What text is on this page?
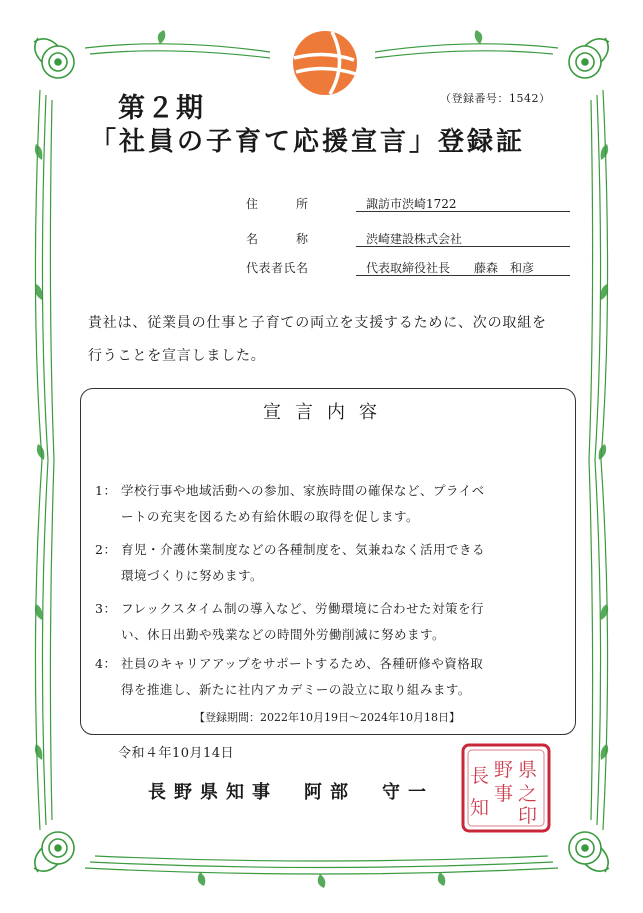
第２期	（登録番号：1542）
「社員の子育て応援宣言」登録証
住　　　所	諏訪市渋崎1722
名　　　称	渋崎建設株式会社
代表者氏名	代表取締役社長 藤森　和彦
貴社は、従業員の仕事と子育ての両立を支援するために、次の取組を
行うことを宣言しました。
宣言内容
1： 学校行事や地域活動への参加、家族時間の確保など、プライベ
ートの充実を図るため有給休暇の取得を促します。
2： 育児・介護休業制度などの各種制度を、気兼ねなく活用できる
環境づくりに努めます。
3： フレックスタイム制の導入など、労働環境に合わせた対策を行
い、休日出勤や残業などの時間外労働削減に努めます。
4： 社員のキャリアアップをサポートするため、各種研修や資格取
得を推進し、新たに社内アカデミーの設立に取り組みます。
【登録期間：2022年10月19日〜2024年10月18日】
令和４年10月14日
長野県知事　阿部　守一
県
之
印
野
事
長
知
